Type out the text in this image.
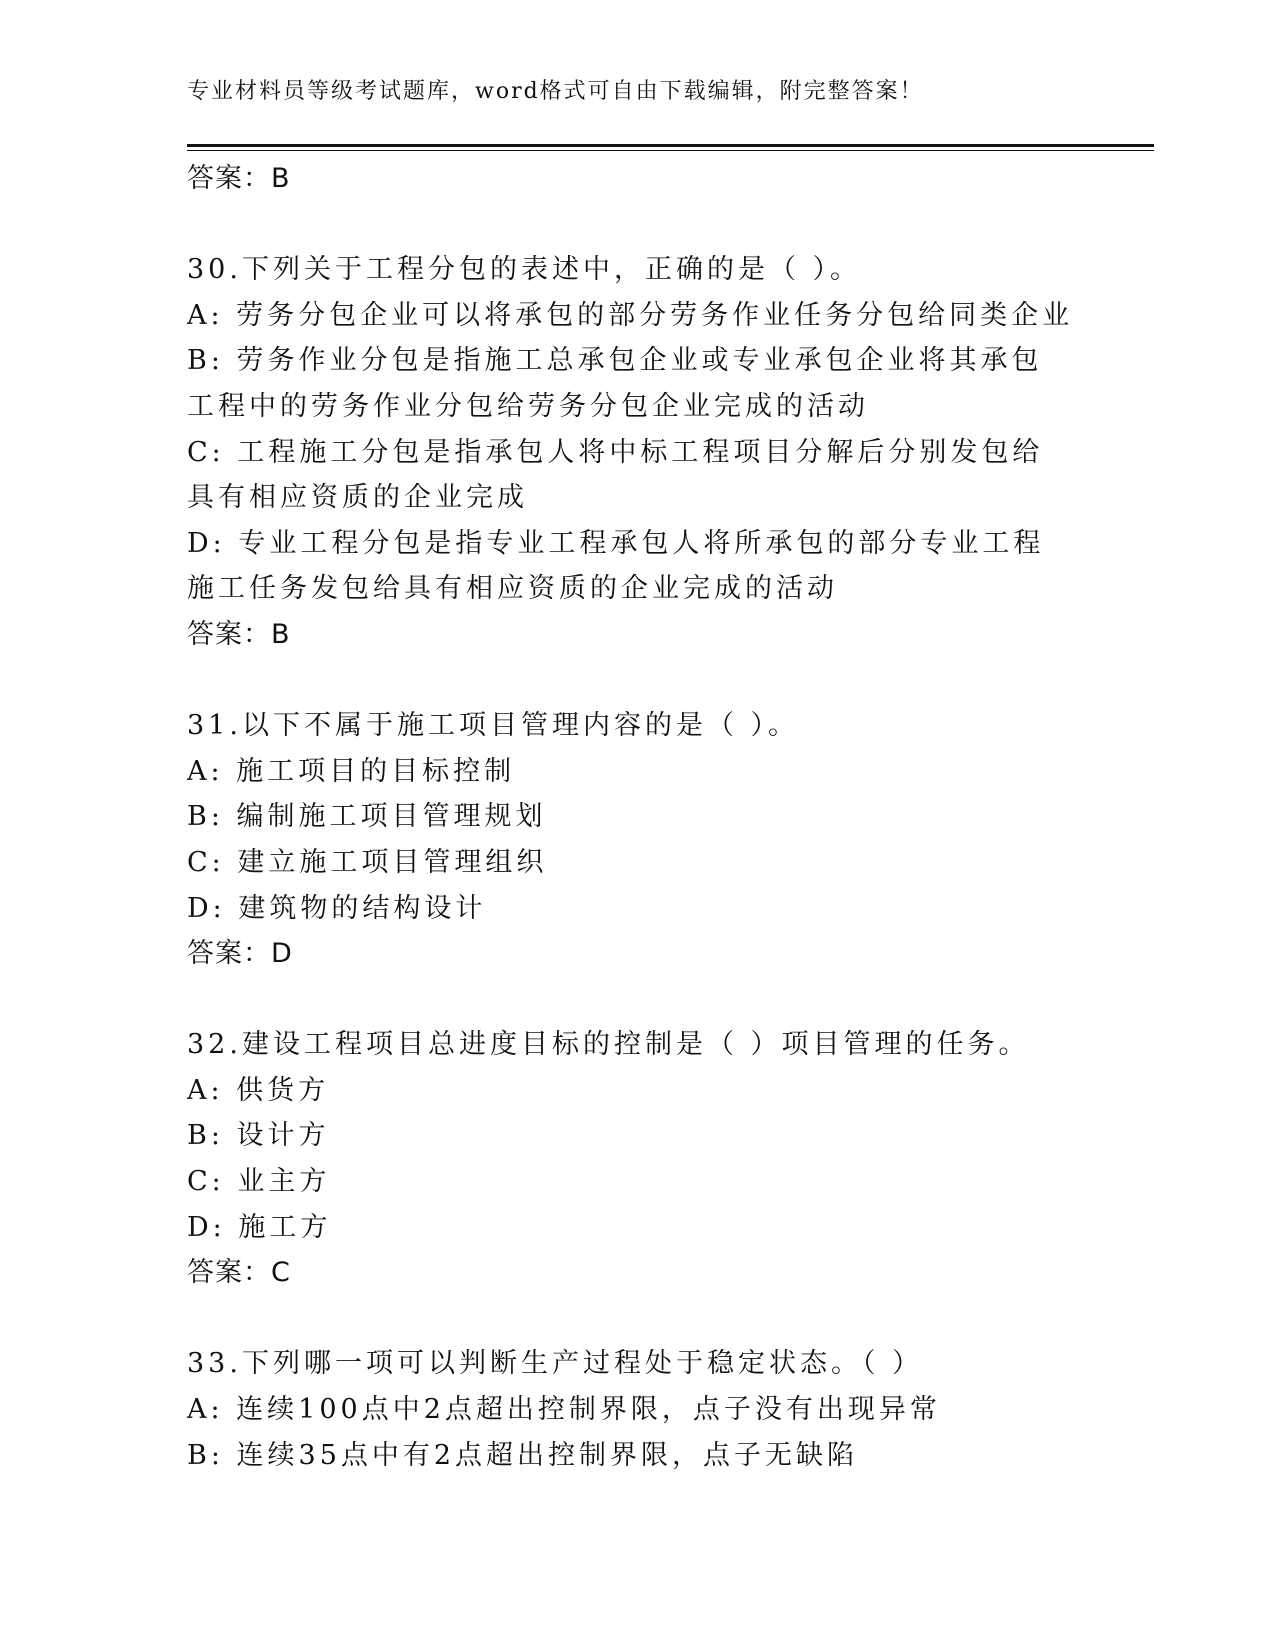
专业材料员等级考试题库，word格式可自由下载编辑，附完整答案！
答案：B
30.下列关于工程分包的表述中，正确的是（ ）。
A: 劳务分包企业可以将承包的部分劳务作业任务分包给同类企业
B: 劳务作业分包是指施工总承包企业或专业承包企业将其承包工程中的劳务作业分包给劳务分包企业完成的活动
C: 工程施工分包是指承包人将中标工程项目分解后分别发包给具有相应资质的企业完成
D: 专业工程分包是指专业工程承包人将所承包的部分专业工程施工任务发包给具有相应资质的企业完成的活动
答案：B
31.以下不属于施工项目管理内容的是（ ）。
A: 施工项目的目标控制
B: 编制施工项目管理规划
C: 建立施工项目管理组织
D: 建筑物的结构设计
答案：D
32.建设工程项目总进度目标的控制是（ ）项目管理的任务。
A: 供货方
B: 设计方
C: 业主方
D: 施工方
答案：C
33.下列哪一项可以判断生产过程处于稳定状态。（ ）
A: 连续100点中2点超出控制界限，点子没有出现异常
B: 连续35点中有2点超出控制界限，点子无缺陷
